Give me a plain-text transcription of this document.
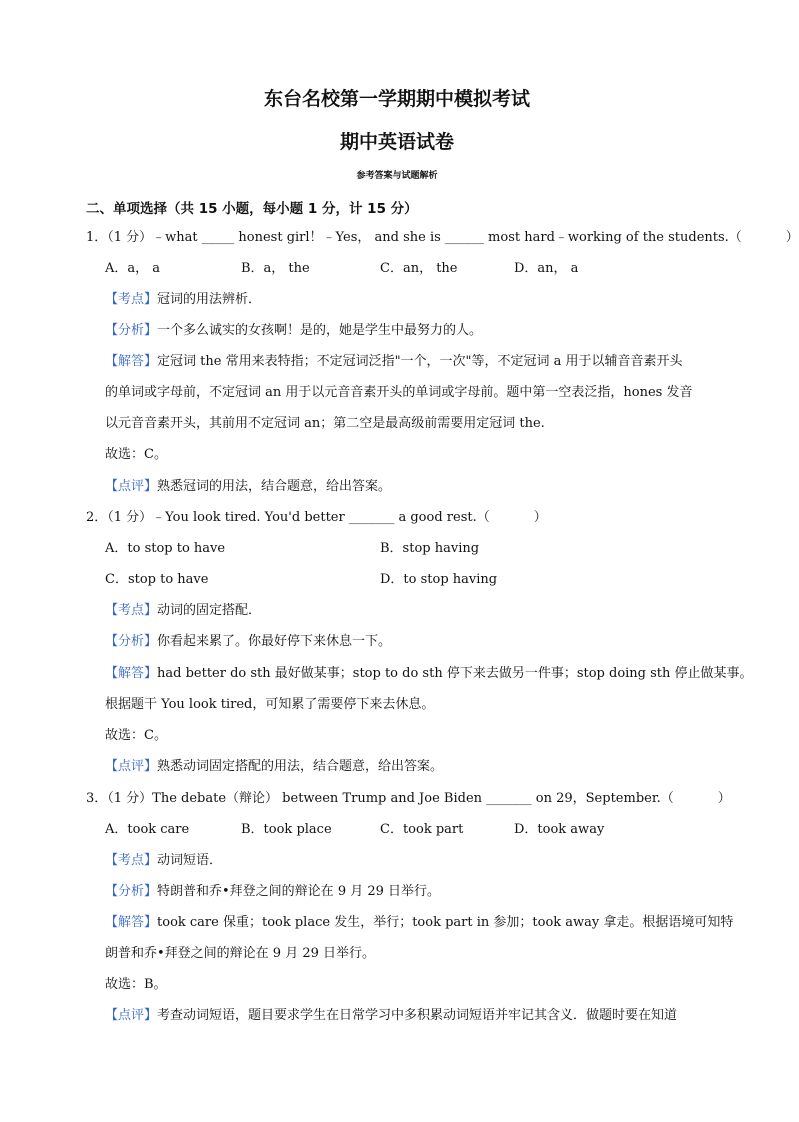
东台名校第一学期期中模拟考试
期中英语试卷
参考答案与试题解析
二、单项选择（共 15 小题，每小题 1 分，计 15 分）
1．（1 分）﹣what _____ honest girl！﹣Yes， and she is ______ most hard﹣working of the students.（	）
A．a， a	B．a， the	C．an， the	D．an， a
【考点】冠词的用法辨析．
【分析】一个多么诚实的女孩啊！是的，她是学生中最努力的人。
【解答】定冠词 the 常用来表特指；不定冠词泛指"一个，一次"等，不定冠词 a 用于以辅音音素开头
的单词或字母前，不定冠词 an 用于以元音音素开头的单词或字母前。题中第一空表泛指，hones 发音
以元音音素开头，其前用不定冠词 an；第二空是最高级前需要用定冠词 the.
故选：C。
【点评】熟悉冠词的用法，结合题意，给出答案。
2．（1 分）﹣You look tired. You'd better _______ a good rest.（	）
A．to stop to have	B．stop having
C．stop to have	D．to stop having
【考点】动词的固定搭配．
【分析】你看起来累了。你最好停下来休息一下。
【解答】had better do sth 最好做某事；stop to do sth 停下来去做另一件事；stop doing sth 停止做某事。
根据题干 You look tired，可知累了需要停下来去休息。
故选：C。
【点评】熟悉动词固定搭配的用法，结合题意，给出答案。
3．（1 分）The debate（辩论） between Trump and Joe Biden _______ on 29，September.（	）
A．took care	B．took place	C．took part	D．took away
【考点】动词短语．
【分析】特朗普和乔•拜登之间的辩论在 9 月 29 日举行。
【解答】took care 保重；took place 发生，举行；took part in 参加；took away 拿走。根据语境可知特
朗普和乔•拜登之间的辩论在 9 月 29 日举行。
故选：B。
【点评】考查动词短语，题目要求学生在日常学习中多积累动词短语并牢记其含义．做题时要在知道
